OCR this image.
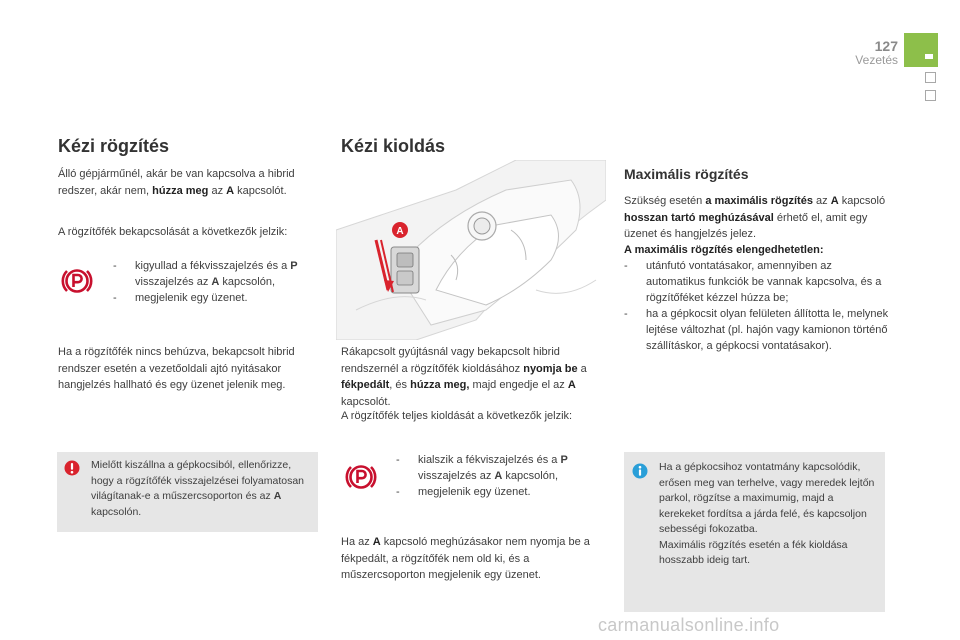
127
Vezetés
Kézi rögzítés
Álló gépjárműnél, akár be van kapcsolva a hibrid redszer, akár nem, húzza meg az A kapcsolót.
A rögzítőfék bekapcsolását a következők jelzik:
- kigyullad a fékvisszajelzés és a P visszajelzés az A kapcsolón,
- megjelenik egy üzenet.
Ha a rögzítőfék nincs behúzva, bekapcsolt hibrid rendszer esetén a vezetőoldali ajtó nyitásakor hangjelzés hallható és egy üzenet jelenik meg.
Mielőtt kiszállna a gépkocsiból, ellenőrizze, hogy a rögzítőfék visszajelzései folyamatosan világítanak-e a műszercsoporton és az A kapcsolón.
Kézi kioldás
A
Rákapcsolt gyújtásnál vagy bekapcsolt hibrid rendszernél a rögzítőfék kioldásához nyomja be a fékpedált, és húzza meg, majd engedje el az A kapcsolót.
A rögzítőfék teljes kioldását a következők jelzik:
- kialszik a fékviszajelzés és a P visszajelzés az A kapcsolón,
- megjelenik egy üzenet.
Ha az A kapcsoló meghúzásakor nem nyomja be a fékpedált, a rögzítőfék nem old ki, és a műszercsoporton megjelenik egy üzenet.
Maximális rögzítés
Szükség esetén a maximális rögzítés az A kapcsoló hosszan tartó meghúzásával érhető el, amit egy üzenet és hangjelzés jelez.
A maximális rögzítés elengedhetetlen:
- utánfutó vontatásakor, amennyiben az automatikus funkciók be vannak kapcsolva, és a rögzítőféket kézzel húzza be;
- ha a gépkocsit olyan felületen állította le, melynek lejtése változhat (pl. hajón vagy kamionon történő szállításkor, a gépkocsi vontatásakor).
Ha a gépkocsihoz vontatmány kapcsolódik, erősen meg van terhelve, vagy meredek lejtőn parkol, rögzítse a maximumig, majd a kerekeket fordítsa a járda felé, és kapcsoljon sebességi fokozatba.
Maximális rögzítés esetén a fék kioldása hosszabb ideig tart.
carmanualsonline.info
